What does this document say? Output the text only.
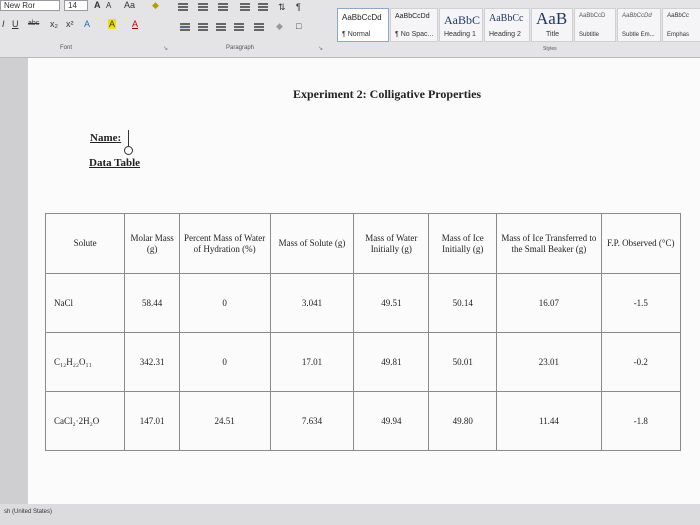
New Ror	14	A A Aa ◆
I U abc x₂ x² A A A
Font	↘
⇅ ¶
◆ □
Paragraph	↘
AaBbCcDd
¶ Normal
AaBbCcDd
¶ No Spac...
AaBbC
Heading 1
AaBbCc
Heading 2
AaB
Title
AaBbCcD
Subtitle
AaBbCcDd
Subtle Em...
AaBbCc
Emphas
Styles
Experiment 2: Colligative Properties
Name:
Data Table
Solute	Molar Mass (g)	Percent Mass of Water of Hydration (%)	Mass of Solute (g)	Mass of Water Initially (g)	Mass of Ice Initially (g)	Mass of Ice Transferred to the Small Beaker (g)	F.P. Observed (°C)
NaCl	58.44	0	3.041	49.51	50.14	16.07	-1.5
C₁₂H₂₂O₁₁	342.31	0	17.01	49.81	50.01	23.01	-0.2
CaCl₂·2H₂O	147.01	24.51	7.634	49.94	49.80	11.44	-1.8
sh (United States)
